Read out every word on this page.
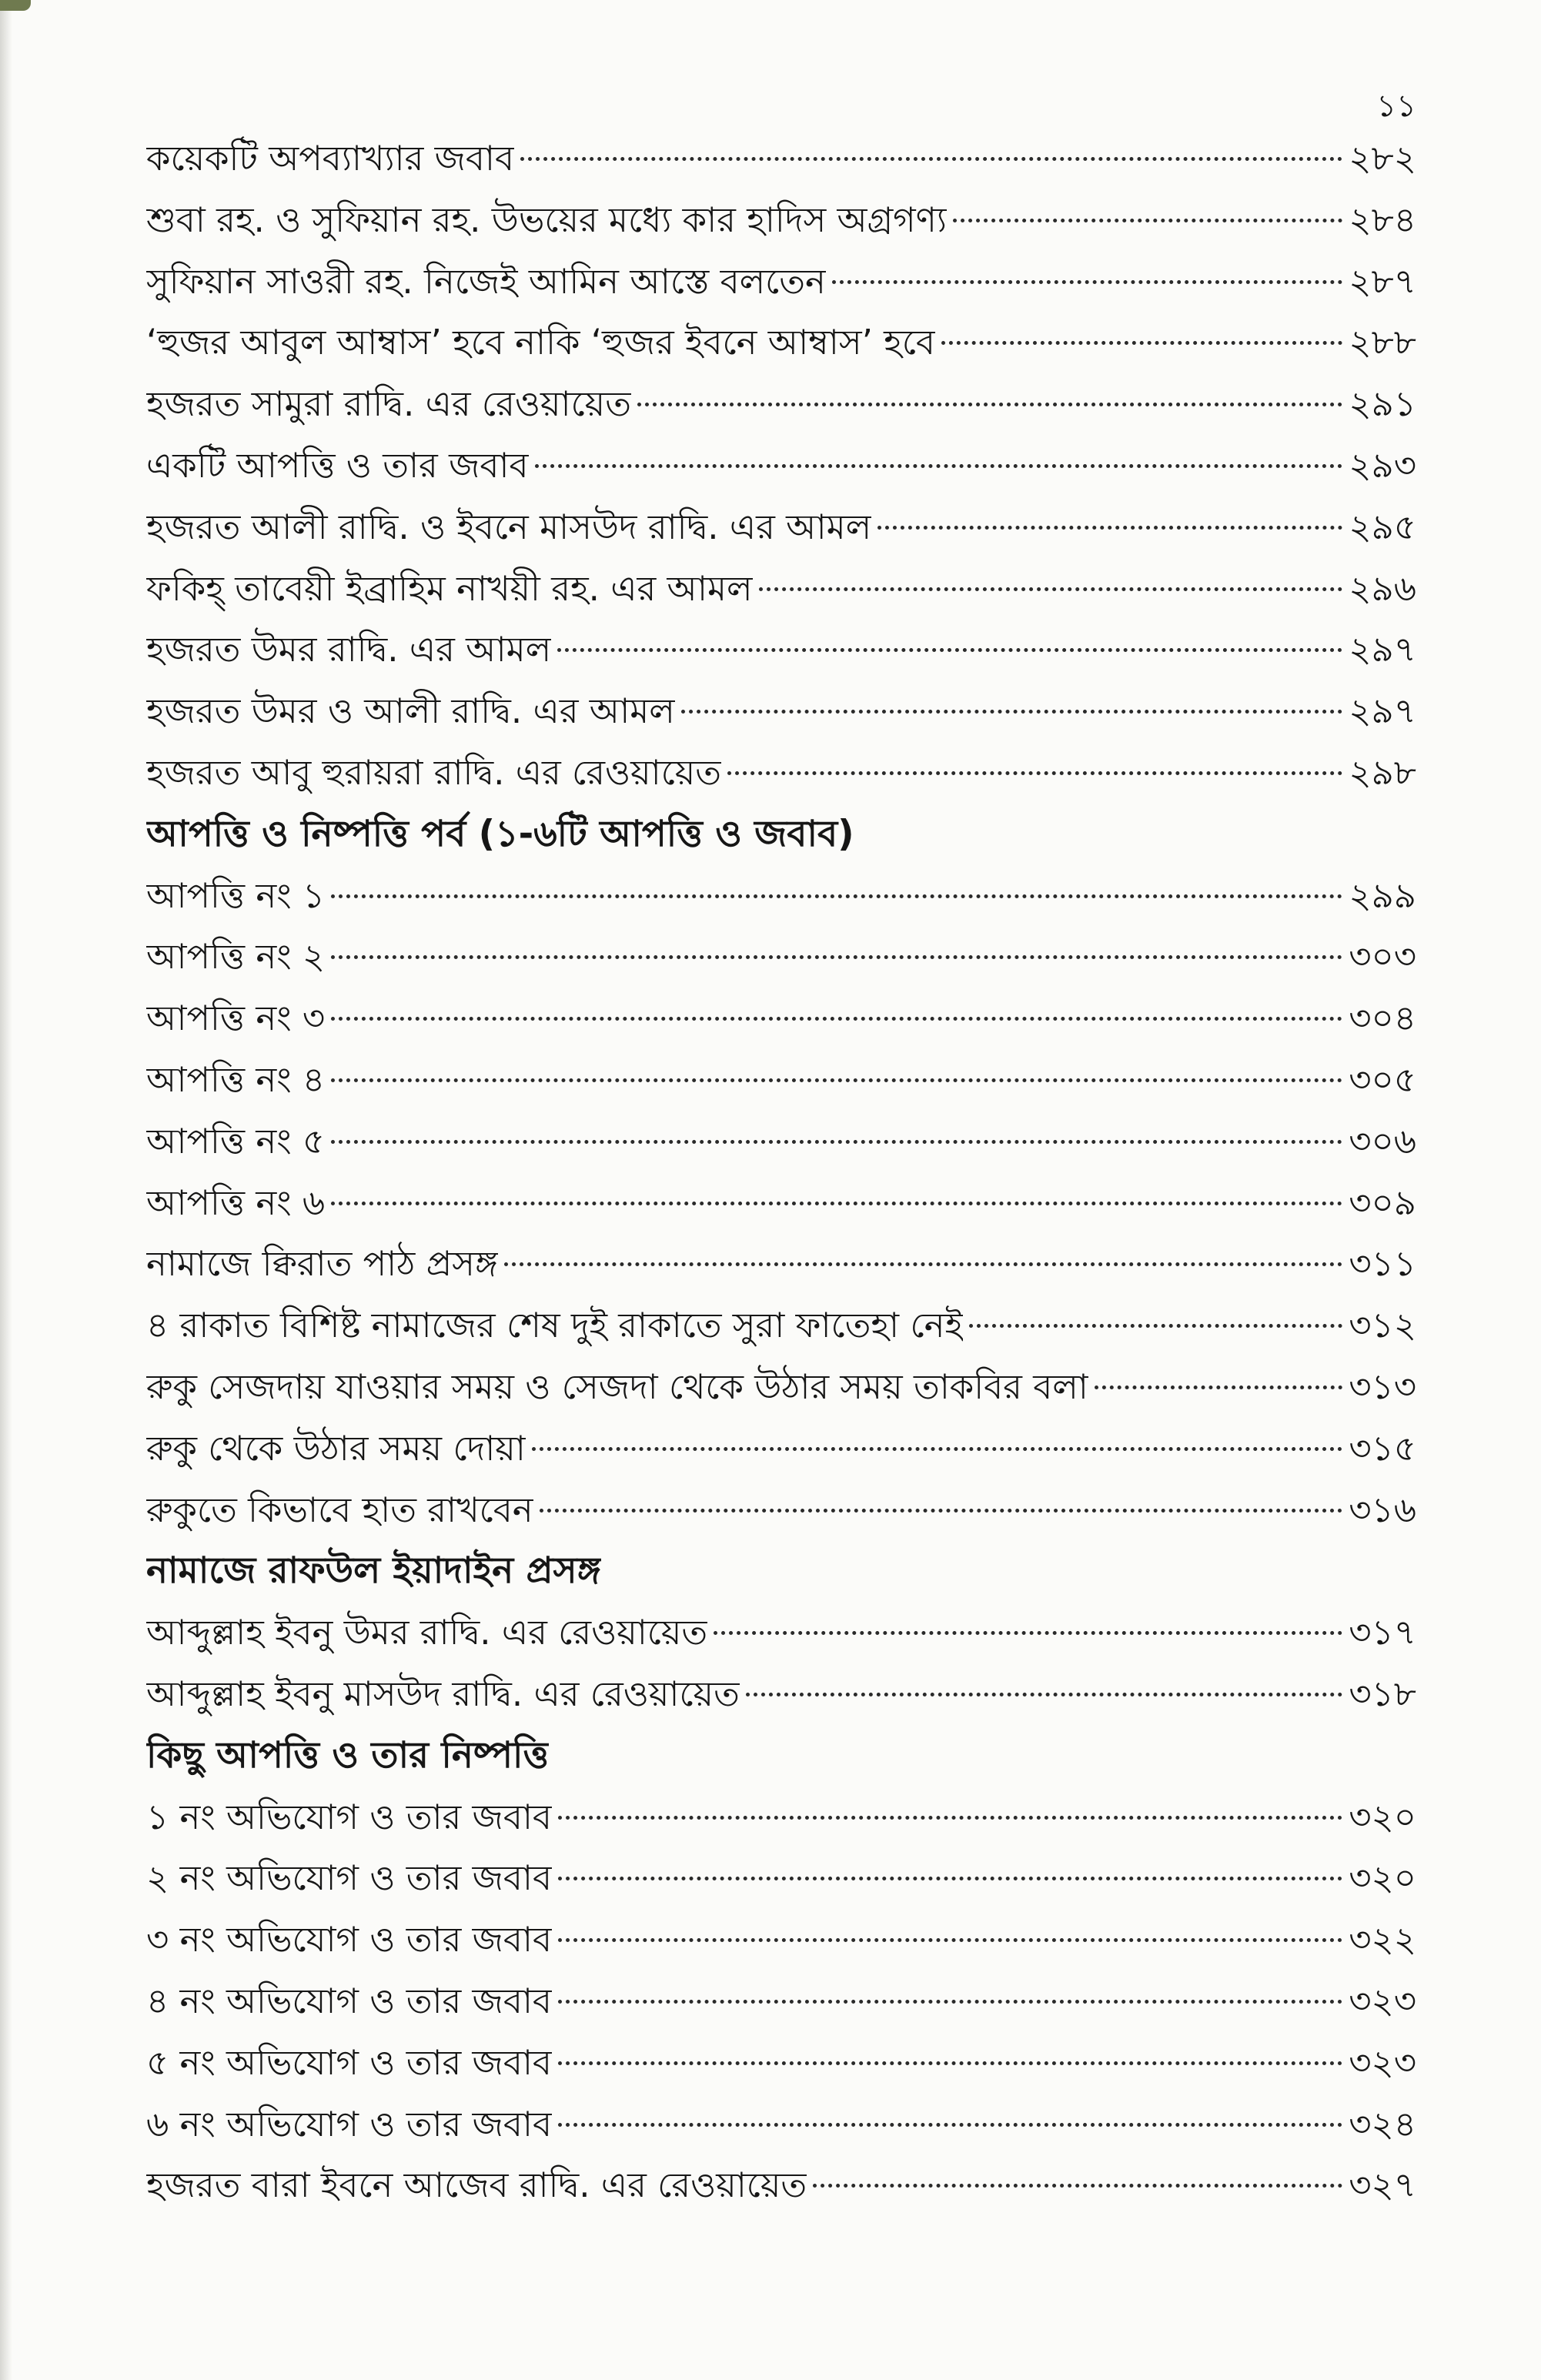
১১
কয়েকটি অপব্যাখ্যার জবাব	২৮২
শুবা রহ. ও সুফিয়ান রহ. উভয়ের মধ্যে কার হাদিস অগ্রগণ্য	২৮৪
সুফিয়ান সাওরী রহ. নিজেই আমিন আস্তে বলতেন	২৮৭
‘হুজর আবুল আম্বাস’ হবে নাকি ‘হুজর ইবনে আম্বাস’ হবে	২৮৮
হজরত সামুরা রাদ্বি. এর রেওয়ায়েত	২৯১
একটি আপত্তি ও তার জবাব	২৯৩
হজরত আলী রাদ্বি. ও ইবনে মাসউদ রাদ্বি. এর আমল	২৯৫
ফকিহ্ তাবেয়ী ইব্রাহিম নাখয়ী রহ. এর আমল	২৯৬
হজরত উমর রাদ্বি. এর আমল	২৯৭
হজরত উমর ও আলী রাদ্বি. এর আমল	২৯৭
হজরত আবু হুরায়রা রাদ্বি. এর রেওয়ায়েত	২৯৮
আপত্তি ও নিষ্পত্তি পর্ব (১-৬টি আপত্তি ও জবাব)
আপত্তি নং ১	২৯৯
আপত্তি নং ২	৩০৩
আপত্তি নং ৩	৩০৪
আপত্তি নং ৪	৩০৫
আপত্তি নং ৫	৩০৬
আপত্তি নং ৬	৩০৯
নামাজে ক্বিরাত পাঠ প্রসঙ্গ	৩১১
৪ রাকাত বিশিষ্ট নামাজের শেষ দুই রাকাতে সুরা ফাতেহা নেই	৩১২
রুকু সেজদায় যাওয়ার সময় ও সেজদা থেকে উঠার সময় তাকবির বলা	৩১৩
রুকু থেকে উঠার সময় দোয়া	৩১৫
রুকুতে কিভাবে হাত রাখবেন	৩১৬
নামাজে রাফউল ইয়াদাইন প্রসঙ্গ
আব্দুল্লাহ ইবনু উমর রাদ্বি. এর রেওয়ায়েত	৩১৭
আব্দুল্লাহ ইবনু মাসউদ রাদ্বি. এর রেওয়ায়েত	৩১৮
কিছু আপত্তি ও তার নিষ্পত্তি
১ নং অভিযোগ ও তার জবাব	৩২০
২ নং অভিযোগ ও তার জবাব	৩২০
৩ নং অভিযোগ ও তার জবাব	৩২২
৪ নং অভিযোগ ও তার জবাব	৩২৩
৫ নং অভিযোগ ও তার জবাব	৩২৩
৬ নং অভিযোগ ও তার জবাব	৩২৪
হজরত বারা ইবনে আজেব রাদ্বি. এর রেওয়ায়েত	৩২৭
